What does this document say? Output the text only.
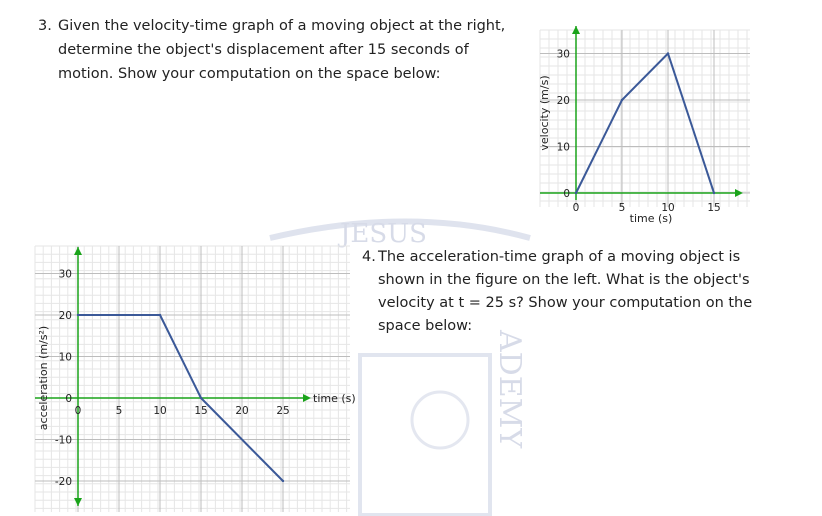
JESUS
ADEMY
3. Given the velocity-time graph of a moving object at the right,
determine the object's displacement after 15 seconds of
motion. Show your computation on the space below:
4. The acceleration-time graph of a moving object is
shown in the figure on the left. What is the object's
velocity at t = 25 s? Show your computation on the
space below:
0	5	10	15
0
10
20
30
time (s)
velocity (m/s)
0	5	10	15	20	25
30
20
10
0
-10
-20
time (s)
acceleration (m/s²)
